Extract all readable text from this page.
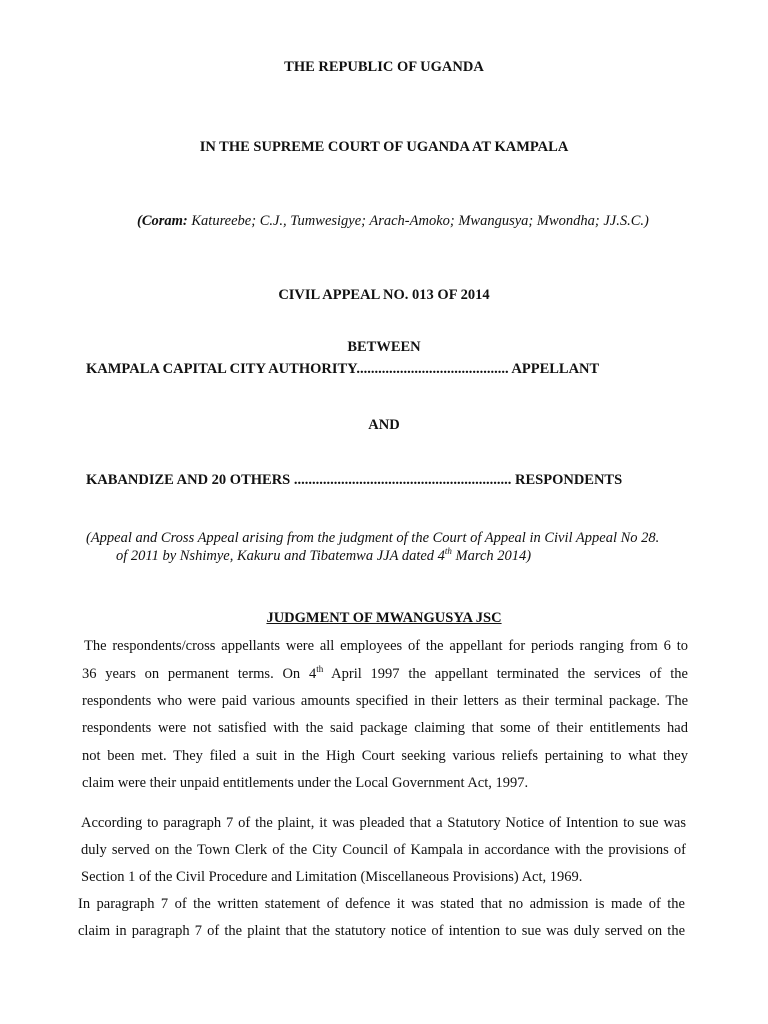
THE REPUBLIC OF UGANDA
IN THE SUPREME COURT OF UGANDA AT KAMPALA
(Coram: Katureebe; C.J., Tumwesigye; Arach-Amoko; Mwangusya; Mwondha; JJ.S.C.)
CIVIL APPEAL NO. 013 OF 2014
BETWEEN
KAMPALA CAPITAL CITY AUTHORITY.......................................... APPELLANT
AND
KABANDIZE AND 20 OTHERS ............................................................ RESPONDENTS
(Appeal and Cross Appeal arising from the judgment of the Court of Appeal in Civil Appeal No 28.
of 2011 by Nshimye, Kakuru and Tibatemwa JJA dated 4th March 2014)
JUDGMENT OF MWANGUSYA JSC
The respondents/cross appellants were all employees of the appellant for periods ranging from 6 to
36 years on permanent terms. On 4th April 1997 the appellant terminated the services of the
respondents who were paid various amounts specified in their letters as their terminal package. The
respondents were not satisfied with the said package claiming that some of their entitlements had
not been met. They filed a suit in the High Court seeking various reliefs pertaining to what they
claim were their unpaid entitlements under the Local Government Act, 1997.
According to paragraph 7 of the plaint, it was pleaded that a Statutory Notice of Intention to sue was
duly served on the Town Clerk of the City Council of Kampala in accordance with the provisions of
Section 1 of the Civil Procedure and Limitation (Miscellaneous Provisions) Act, 1969.
In paragraph 7 of the written statement of defence it was stated that no admission is made of the
claim in paragraph 7 of the plaint that the statutory notice of intention to sue was duly served on the
